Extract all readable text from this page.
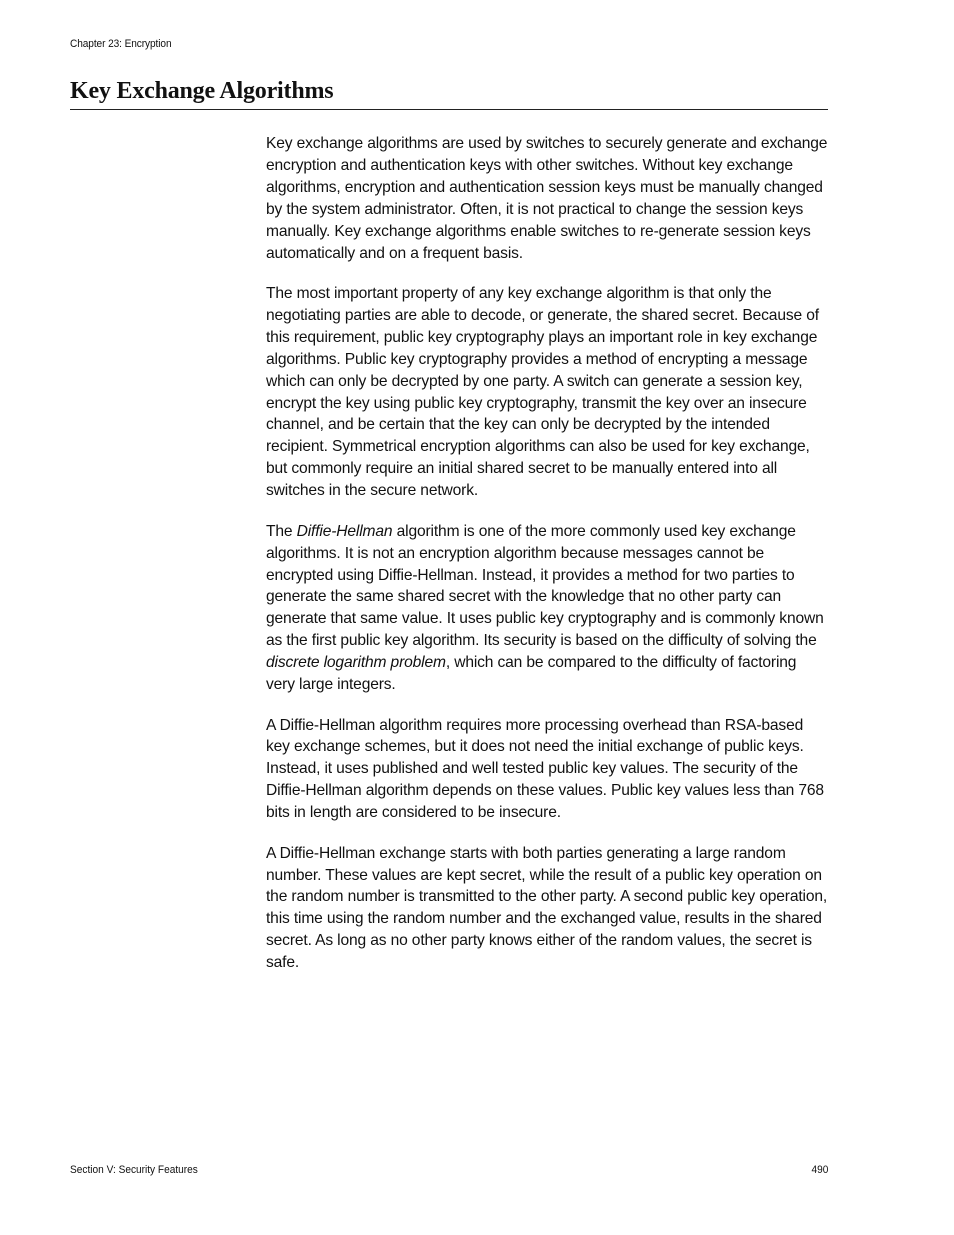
Chapter 23: Encryption
Key Exchange Algorithms

Key exchange algorithms are used by switches to securely generate and exchange encryption and authentication keys with other switches. Without key exchange algorithms, encryption and authentication session keys must be manually changed by the system administrator. Often, it is not practical to change the session keys manually. Key exchange algorithms enable switches to re-generate session keys automatically and on a frequent basis.

The most important property of any key exchange algorithm is that only the negotiating parties are able to decode, or generate, the shared secret. Because of this requirement, public key cryptography plays an important role in key exchange algorithms. Public key cryptography provides a method of encrypting a message which can only be decrypted by one party. A switch can generate a session key, encrypt the key using public key cryptography, transmit the key over an insecure channel, and be certain that the key can only be decrypted by the intended recipient. Symmetrical encryption algorithms can also be used for key exchange, but commonly require an initial shared secret to be manually entered into all switches in the secure network.

The Diffie-Hellman algorithm is one of the more commonly used key exchange algorithms. It is not an encryption algorithm because messages cannot be encrypted using Diffie-Hellman. Instead, it provides a method for two parties to generate the same shared secret with the knowledge that no other party can generate that same value. It uses public key cryptography and is commonly known as the first public key algorithm. Its security is based on the difficulty of solving the discrete logarithm problem, which can be compared to the difficulty of factoring very large integers.

A Diffie-Hellman algorithm requires more processing overhead than RSA-based key exchange schemes, but it does not need the initial exchange of public keys. Instead, it uses published and well tested public key values. The security of the Diffie-Hellman algorithm depends on these values. Public key values less than 768 bits in length are considered to be insecure.

A Diffie-Hellman exchange starts with both parties generating a large random number. These values are kept secret, while the result of a public key operation on the random number is transmitted to the other party. A second public key operation, this time using the random number and the exchanged value, results in the shared secret. As long as no other party knows either of the random values, the secret is safe.

Section V: Security Features	490
